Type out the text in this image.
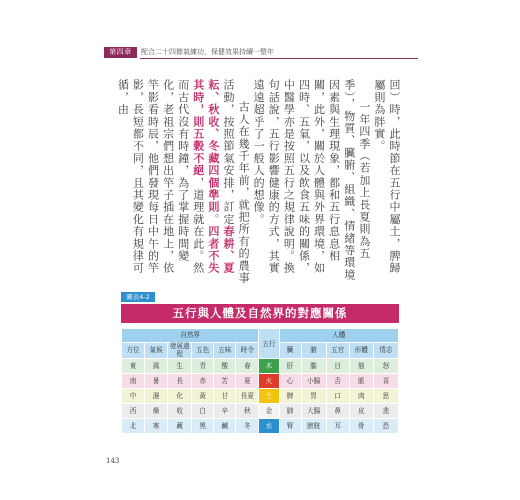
第四章	配合二十四節氣練功，保健效果持續一整年

回）時，此時節在五行中屬土，脾歸屬則為胖實。

一年四季（若加上長夏則為五季），物質、臟腑、組織、情緒等環境因素與生理現象，都和五行息息相關，此外，關於人體與外界環境，如四時、五氣，以及飲食五味的關係，中醫學亦是按照五行之規律說明。換句話說，五行影響健康的方式，其實遠遠超乎了一般人的想像。

古人在幾千年前，就把所有的農事活動，按照節氣安排，訂定春耕、夏耘、秋收、冬藏四個準則。四者不失其時，則五穀不絕，道理就在此。然而古代沒有時鐘，為了掌握時間變化，老祖宗們想出竿子插在地上，依竿影看時辰，他們發現每日中午的竿影，長短都不同，且其變化有規律可循，由

圖表4-2
五行與人體及自然界的對應關係
自然界						五行	人體				
方位	氣候	發展過程	五色	五味	時令		臟	腑	五官	形體	情志
東	風	生	青	酸	春	木	肝	膽	目	筋	怒
南	暑	長	赤	苦	夏	火	心	小腸	舌	脈	喜
中	濕	化	黃	甘	長夏	土	脾	胃	口	肉	思
西	燥	收	白	辛	秋	金	肺	大腸	鼻	皮	悲
北	寒	藏	黑	鹹	冬	水	腎	膀胱	耳	骨	恐
143
